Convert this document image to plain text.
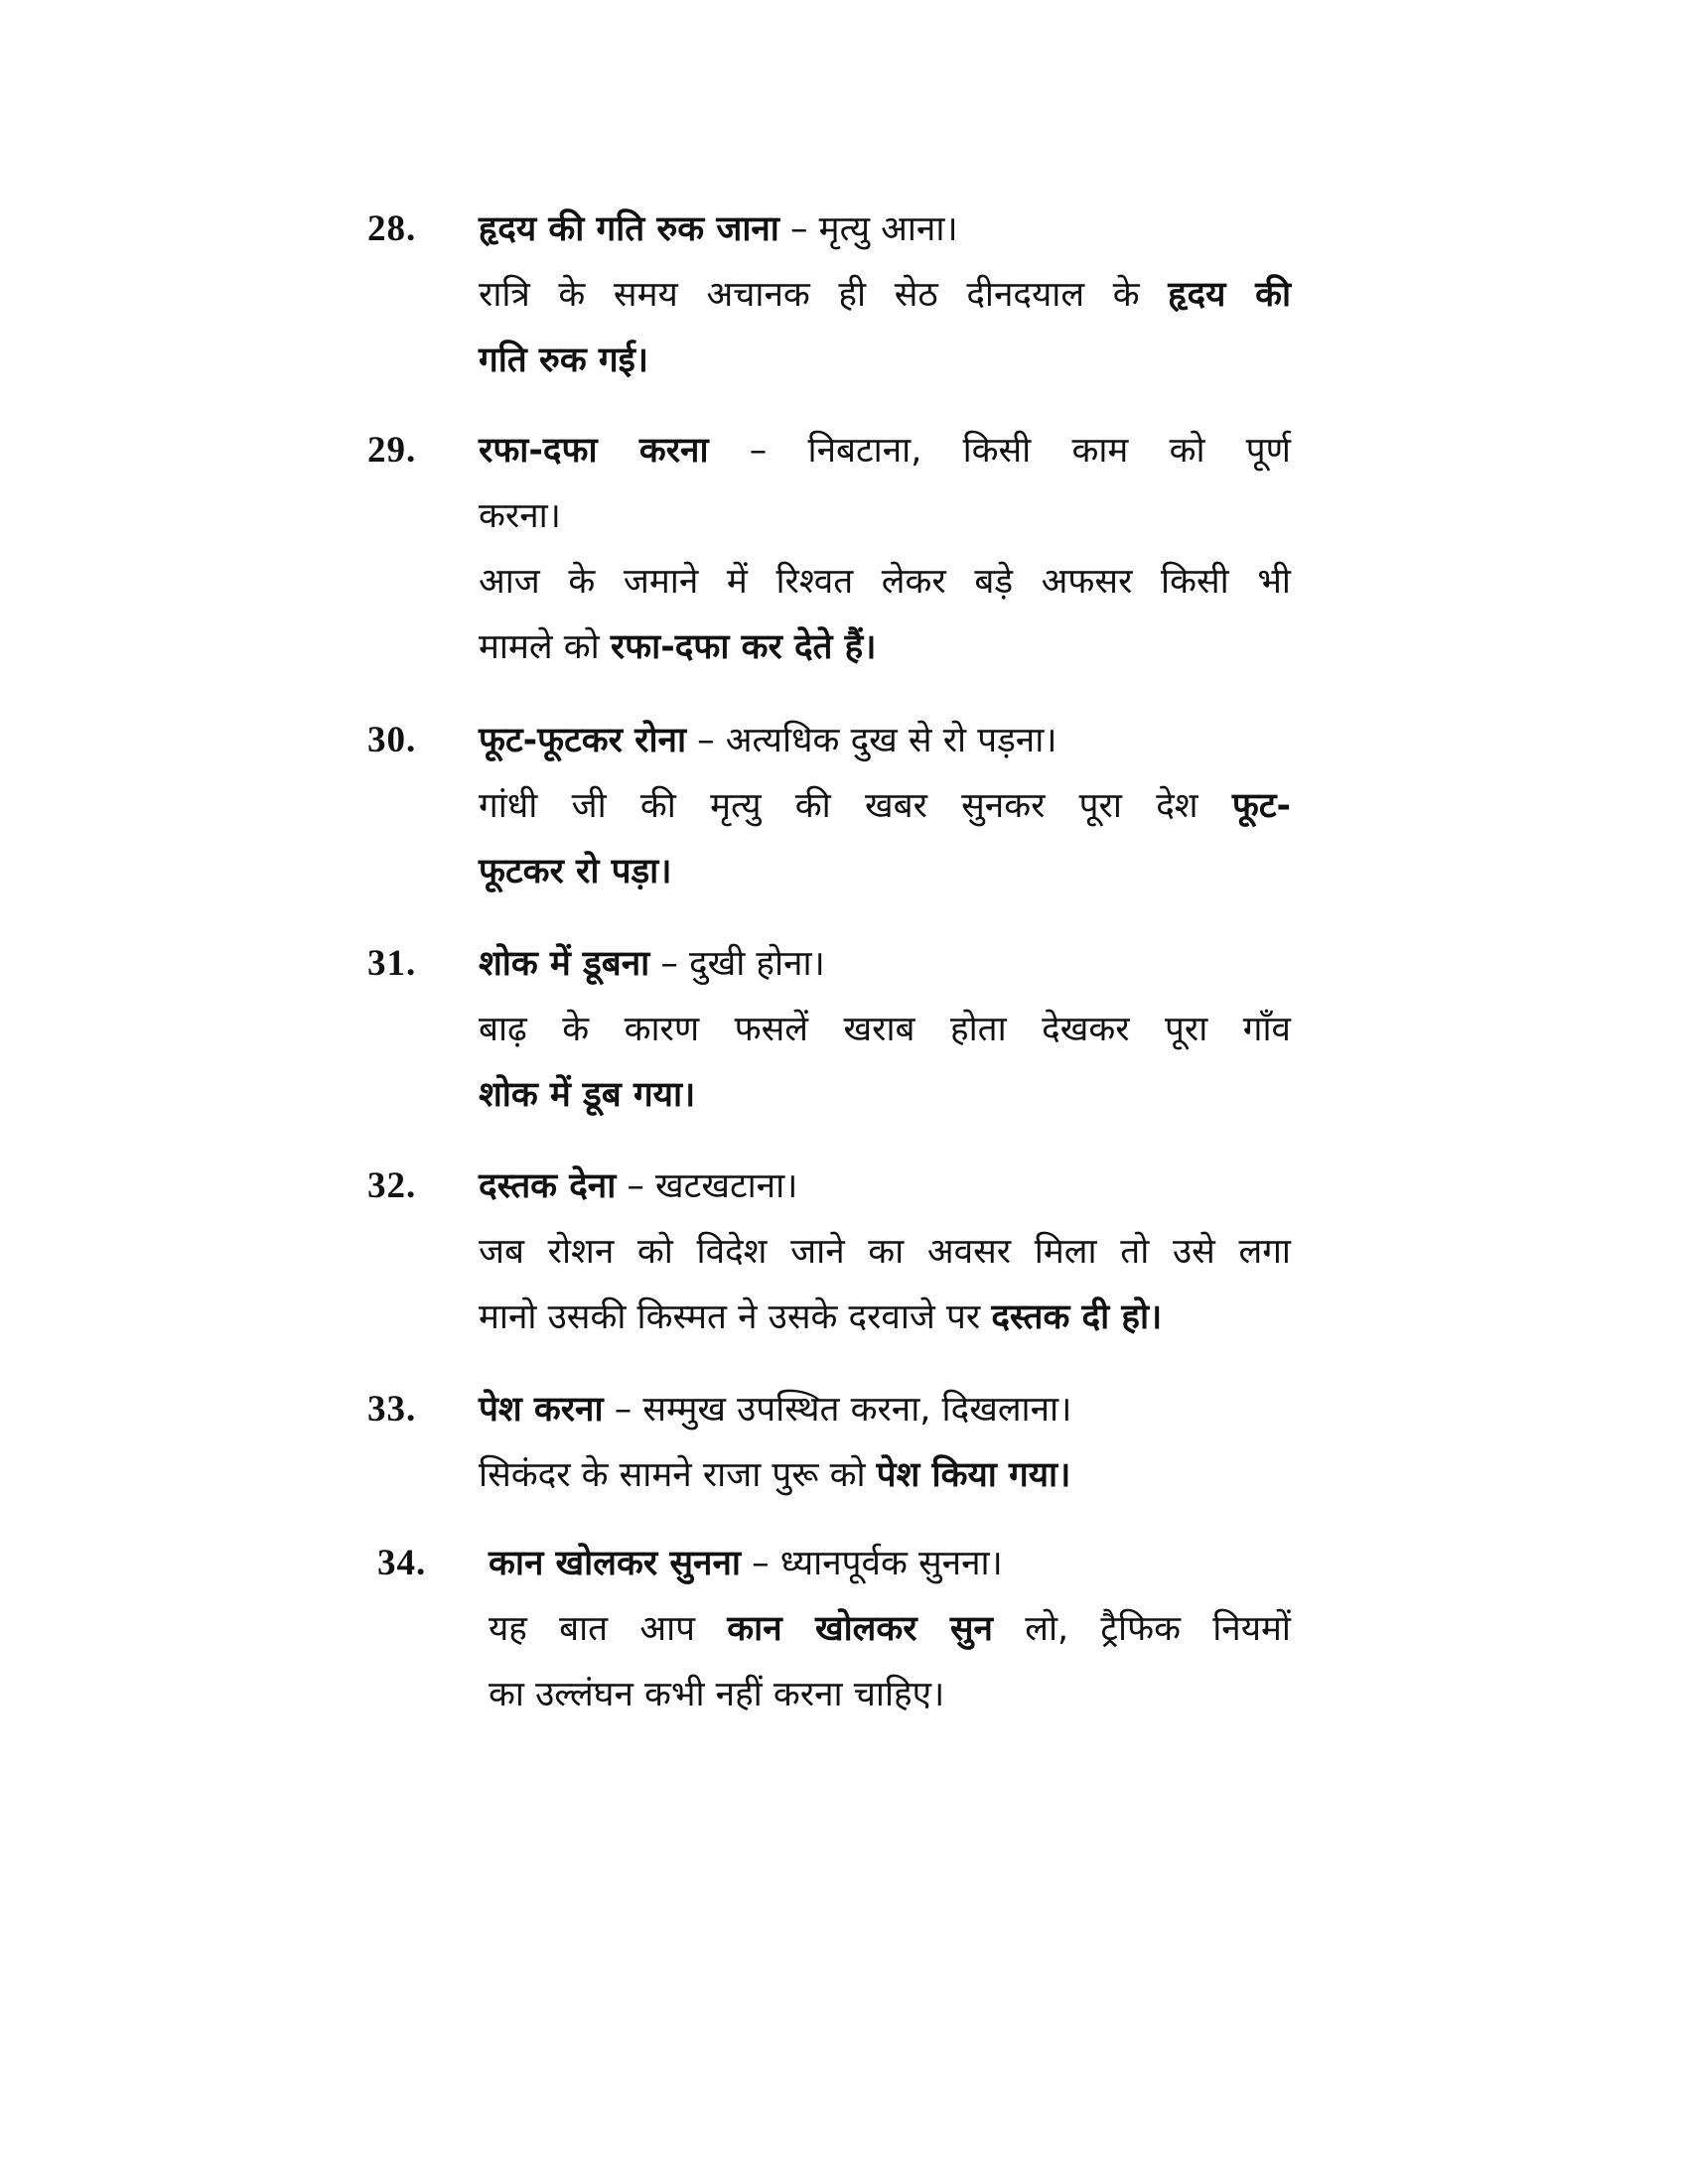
28. हृदय की गति रुक जाना – मृत्यु आना।
रात्रि के समय अचानक ही सेठ दीनदयाल के हृदय की
गति रुक गई।
29. रफा-दफा करना – निबटाना, किसी काम को पूर्ण
करना।
आज के जमाने में रिश्वत लेकर बड़े अफसर किसी भी
मामले को रफा-दफा कर देते हैं।
30. फूट-फूटकर रोना – अत्यधिक दुख से रो पड़ना।
गांधी जी की मृत्यु की खबर सुनकर पूरा देश फूट-
फूटकर रो पड़ा।
31. शोक में डूबना – दुखी होना।
बाढ़ के कारण फसलें खराब होता देखकर पूरा गाँव
शोक में डूब गया।
32. दस्तक देना – खटखटाना।
जब रोशन को विदेश जाने का अवसर मिला तो उसे लगा
मानो उसकी किस्मत ने उसके दरवाजे पर दस्तक दी हो।
33. पेश करना – सम्मुख उपस्थित करना, दिखलाना।
सिकंदर के सामने राजा पुरू को पेश किया गया।
34. कान खोलकर सुनना – ध्यानपूर्वक सुनना।
यह बात आप कान खोलकर सुन लो, ट्रैफिक नियमों
का उल्लंघन कभी नहीं करना चाहिए।
